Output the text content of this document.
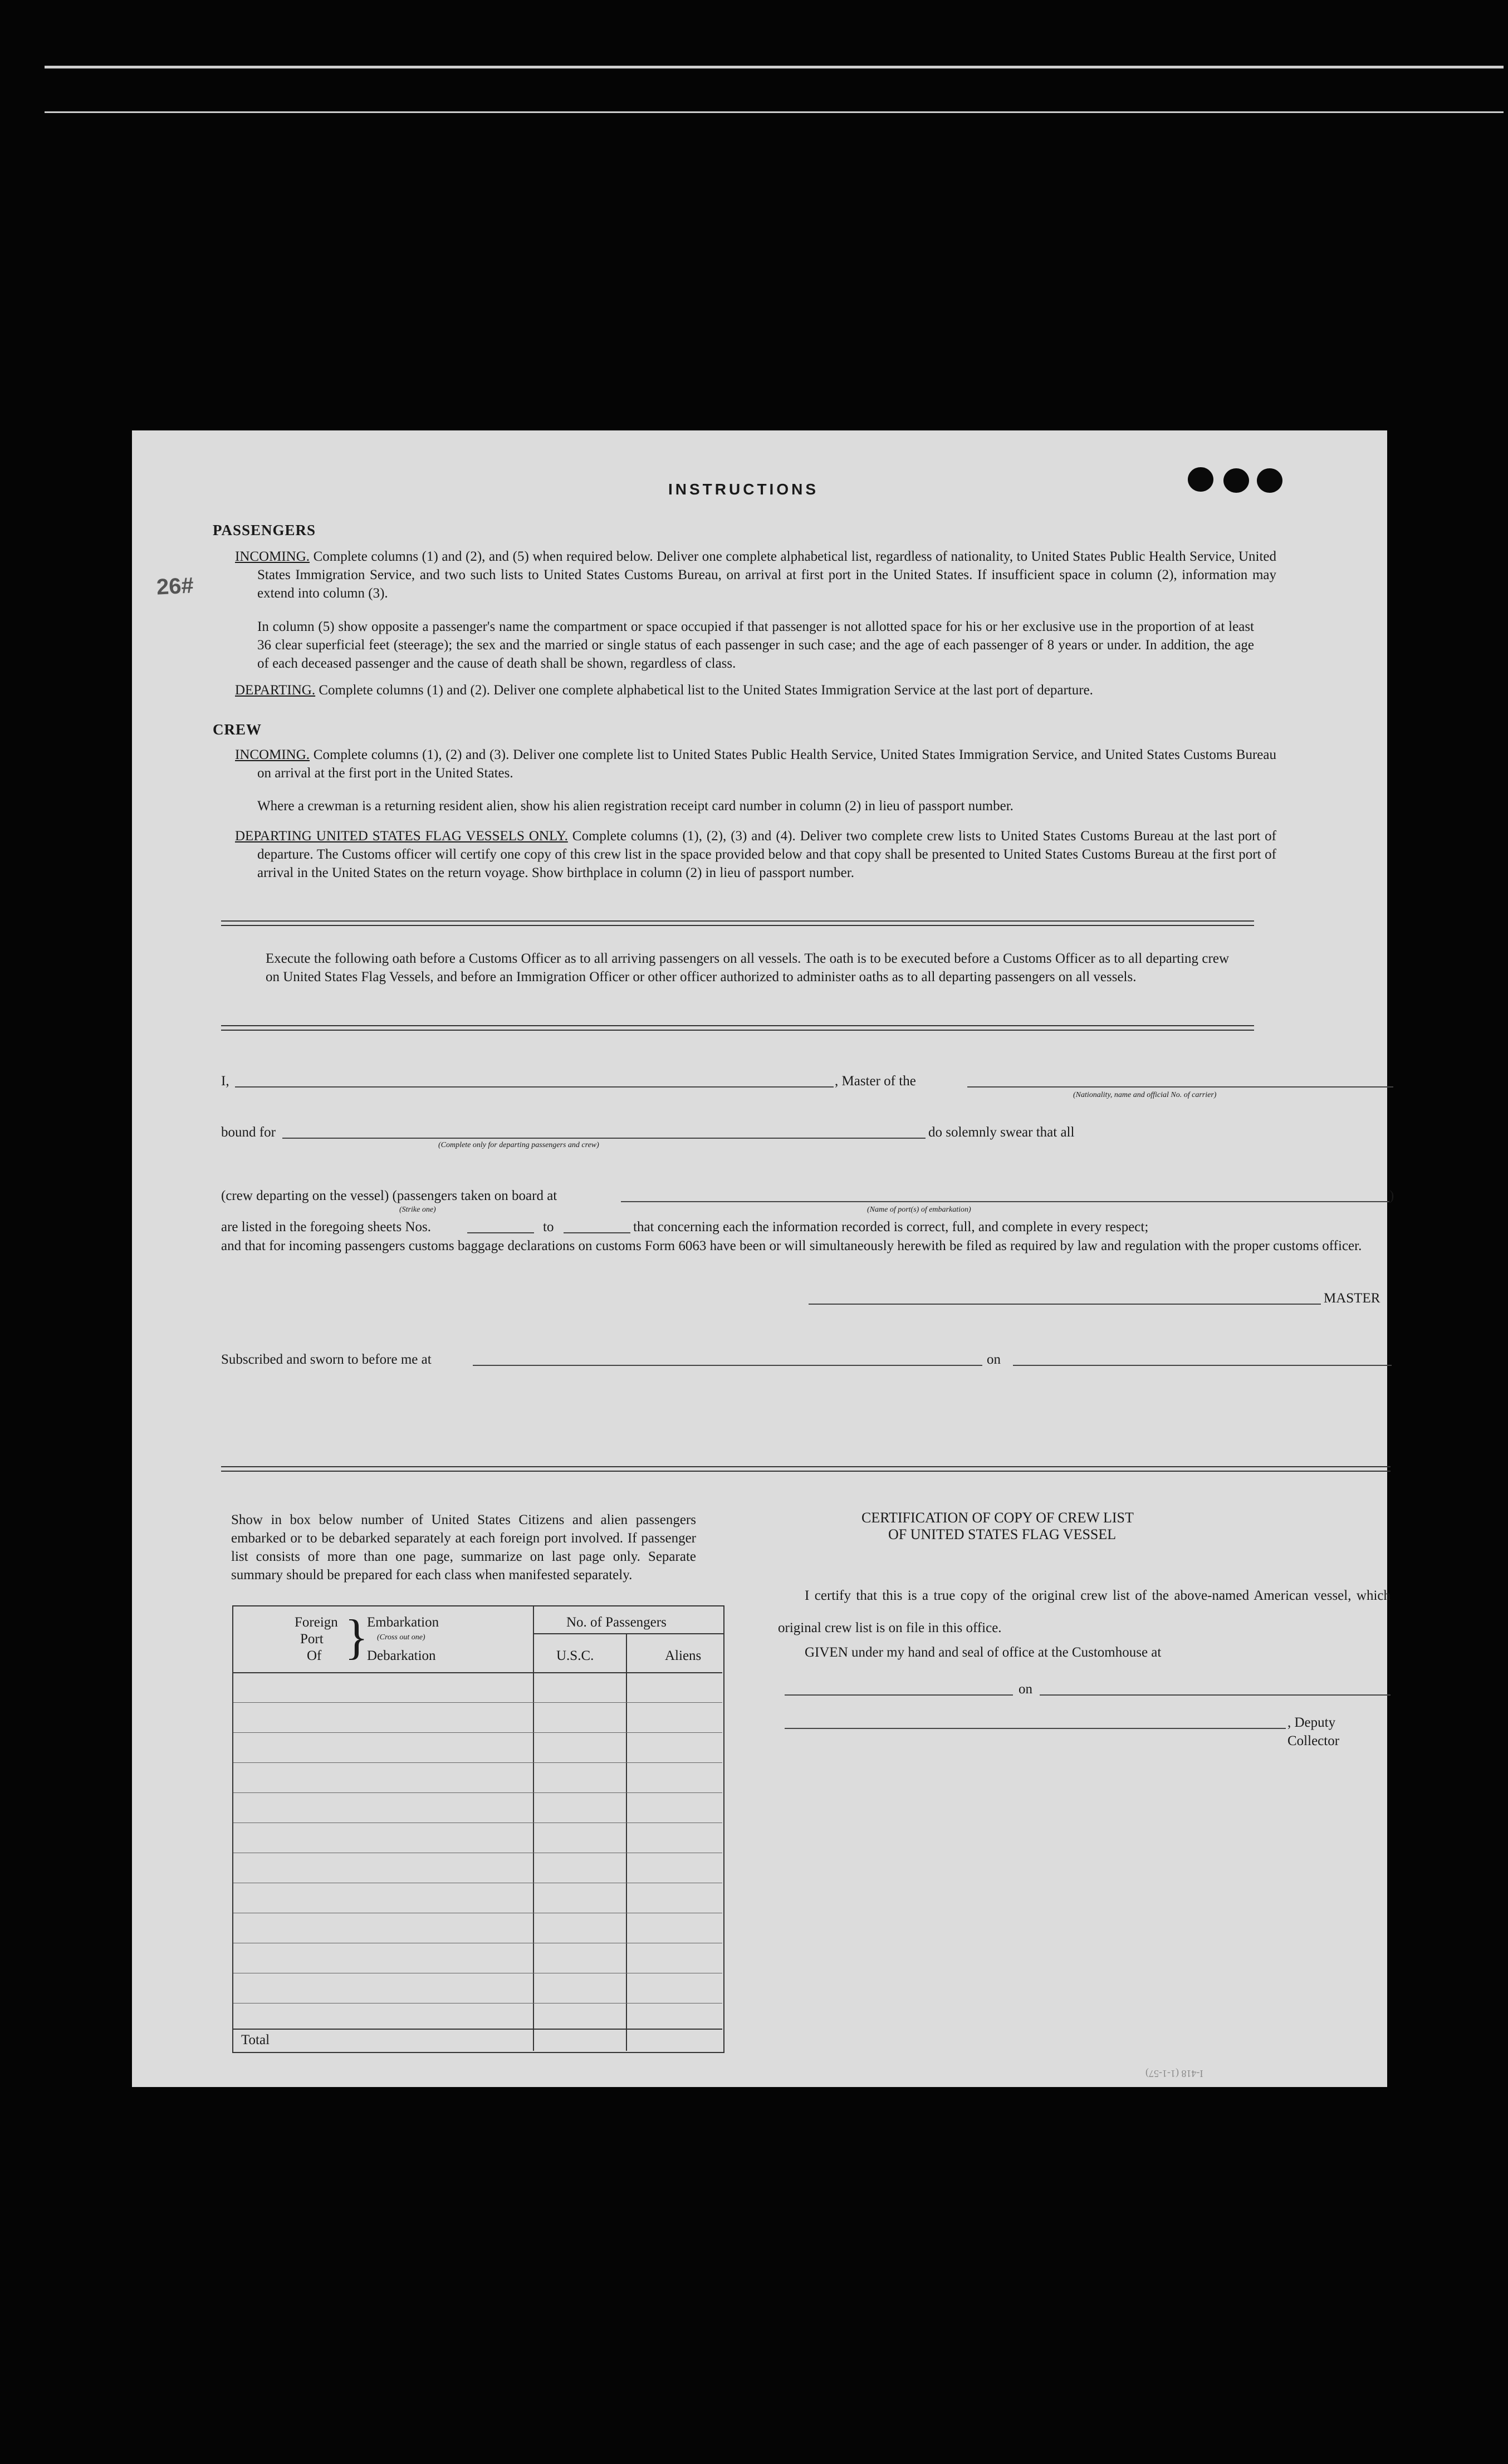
INSTRUCTIONS
PASSENGERS
INCOMING. Complete columns (1) and (2), and (5) when required below. Deliver one complete alphabetical list, regardless of nationality, to United States Public Health Service, United States Immigration Service, and two such lists to United States Customs Bureau, on arrival at first port in the United States. If insufficient space in column (2), information may extend into column (3).
In column (5) show opposite a passenger's name the compartment or space occupied if that passenger is not allotted space for his or her exclusive use in the proportion of at least 36 clear superficial feet (steerage); the sex and the married or single status of each passenger in such case; and the age of each passenger of 8 years or under. In addition, the age of each deceased passenger and the cause of death shall be shown, regardless of class.
DEPARTING. Complete columns (1) and (2). Deliver one complete alphabetical list to the United States Immigration Service at the last port of departure.
CREW
INCOMING. Complete columns (1), (2) and (3). Deliver one complete list to United States Public Health Service, United States Immigration Service, and United States Customs Bureau on arrival at the first port in the United States.
Where a crewman is a returning resident alien, show his alien registration receipt card number in column (2) in lieu of passport number.
DEPARTING UNITED STATES FLAG VESSELS ONLY. Complete columns (1), (2), (3) and (4). Deliver two complete crew lists to United States Customs Bureau at the last port of departure. The Customs officer will certify one copy of this crew list in the space provided below and that copy shall be presented to United States Customs Bureau at the first port of arrival in the United States on the return voyage. Show birthplace in column (2) in lieu of passport number.
Execute the following oath before a Customs Officer as to all arriving passengers on all vessels. The oath is to be executed before a Customs Officer as to all departing crew on United States Flag Vessels, and before an Immigration Officer or other officer authorized to administer oaths as to all departing passengers on all vessels.
I,	, Master of the
(Nationality, name and official No. of carrier)
bound for
(Complete only for departing passengers and crew)
do solemnly swear that all
(crew departing on the vessel) (passengers taken on board at
(Strike one)
)
(Name of port(s) of embarkation)
are listed in the foregoing sheets Nos.	to	that concerning each the information recorded is correct, full, and complete in every respect;
and that for incoming passengers customs baggage declarations on customs Form 6063 have been or will simultaneously herewith be filed as required by law and regulation with the proper customs officer.
MASTER
Subscribed and sworn to before me at	on
Show in box below number of United States Citizens and alien passengers embarked or to be debarked separately at each foreign port involved. If passenger list consists of more than one page, summarize on last page only. Separate summary should be prepared for each class when manifested separately.
Foreign
Port
Of }
Embarkation
(Cross out one)
Debarkation
No. of Passengers
U.S.C.	Aliens
Total
CERTIFICATION OF COPY OF CREW LIST
OF UNITED STATES FLAG VESSEL
I certify that this is a true copy of the original crew list of the above-named American vessel, which original crew list is on file in this office.
GIVEN under my hand and seal of office at the Customhouse at
on
, Deputy Collector
26#
I-418 (1-1-57)
